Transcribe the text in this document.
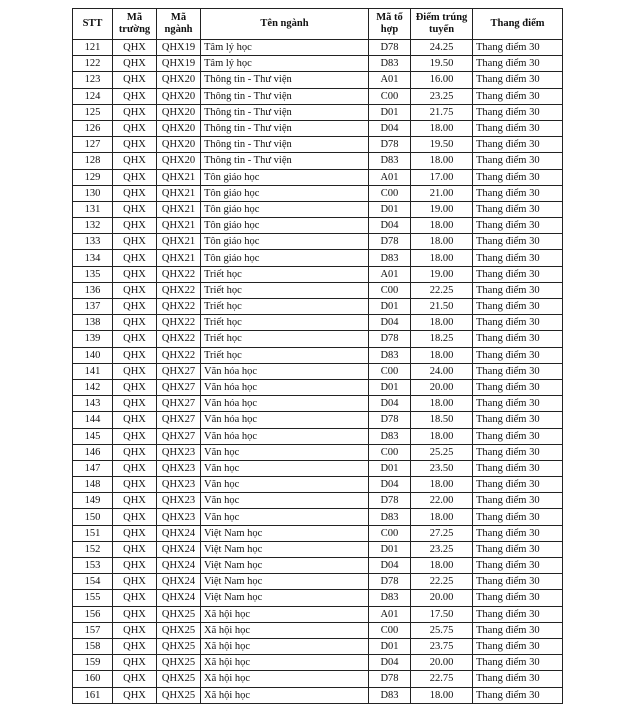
STT	Mã trường	Mã ngành	Tên ngành	Mã tổ hợp	Điểm trúng tuyển	Thang điểm
121	QHX	QHX19	Tâm lý học	D78	24.25	Thang điểm 30
122	QHX	QHX19	Tâm lý học	D83	19.50	Thang điểm 30
123	QHX	QHX20	Thông tin - Thư viện	A01	16.00	Thang điểm 30
124	QHX	QHX20	Thông tin - Thư viện	C00	23.25	Thang điểm 30
125	QHX	QHX20	Thông tin - Thư viện	D01	21.75	Thang điểm 30
126	QHX	QHX20	Thông tin - Thư viện	D04	18.00	Thang điểm 30
127	QHX	QHX20	Thông tin - Thư viện	D78	19.50	Thang điểm 30
128	QHX	QHX20	Thông tin - Thư viện	D83	18.00	Thang điểm 30
129	QHX	QHX21	Tôn giáo học	A01	17.00	Thang điểm 30
130	QHX	QHX21	Tôn giáo học	C00	21.00	Thang điểm 30
131	QHX	QHX21	Tôn giáo học	D01	19.00	Thang điểm 30
132	QHX	QHX21	Tôn giáo học	D04	18.00	Thang điểm 30
133	QHX	QHX21	Tôn giáo học	D78	18.00	Thang điểm 30
134	QHX	QHX21	Tôn giáo học	D83	18.00	Thang điểm 30
135	QHX	QHX22	Triết học	A01	19.00	Thang điểm 30
136	QHX	QHX22	Triết học	C00	22.25	Thang điểm 30
137	QHX	QHX22	Triết học	D01	21.50	Thang điểm 30
138	QHX	QHX22	Triết học	D04	18.00	Thang điểm 30
139	QHX	QHX22	Triết học	D78	18.25	Thang điểm 30
140	QHX	QHX22	Triết học	D83	18.00	Thang điểm 30
141	QHX	QHX27	Văn hóa học	C00	24.00	Thang điểm 30
142	QHX	QHX27	Văn hóa học	D01	20.00	Thang điểm 30
143	QHX	QHX27	Văn hóa học	D04	18.00	Thang điểm 30
144	QHX	QHX27	Văn hóa học	D78	18.50	Thang điểm 30
145	QHX	QHX27	Văn hóa học	D83	18.00	Thang điểm 30
146	QHX	QHX23	Văn học	C00	25.25	Thang điểm 30
147	QHX	QHX23	Văn học	D01	23.50	Thang điểm 30
148	QHX	QHX23	Văn học	D04	18.00	Thang điểm 30
149	QHX	QHX23	Văn học	D78	22.00	Thang điểm 30
150	QHX	QHX23	Văn học	D83	18.00	Thang điểm 30
151	QHX	QHX24	Việt Nam học	C00	27.25	Thang điểm 30
152	QHX	QHX24	Việt Nam học	D01	23.25	Thang điểm 30
153	QHX	QHX24	Việt Nam học	D04	18.00	Thang điểm 30
154	QHX	QHX24	Việt Nam học	D78	22.25	Thang điểm 30
155	QHX	QHX24	Việt Nam học	D83	20.00	Thang điểm 30
156	QHX	QHX25	Xã hội học	A01	17.50	Thang điểm 30
157	QHX	QHX25	Xã hội học	C00	25.75	Thang điểm 30
158	QHX	QHX25	Xã hội học	D01	23.75	Thang điểm 30
159	QHX	QHX25	Xã hội học	D04	20.00	Thang điểm 30
160	QHX	QHX25	Xã hội học	D78	22.75	Thang điểm 30
161	QHX	QHX25	Xã hội học	D83	18.00	Thang điểm 30
